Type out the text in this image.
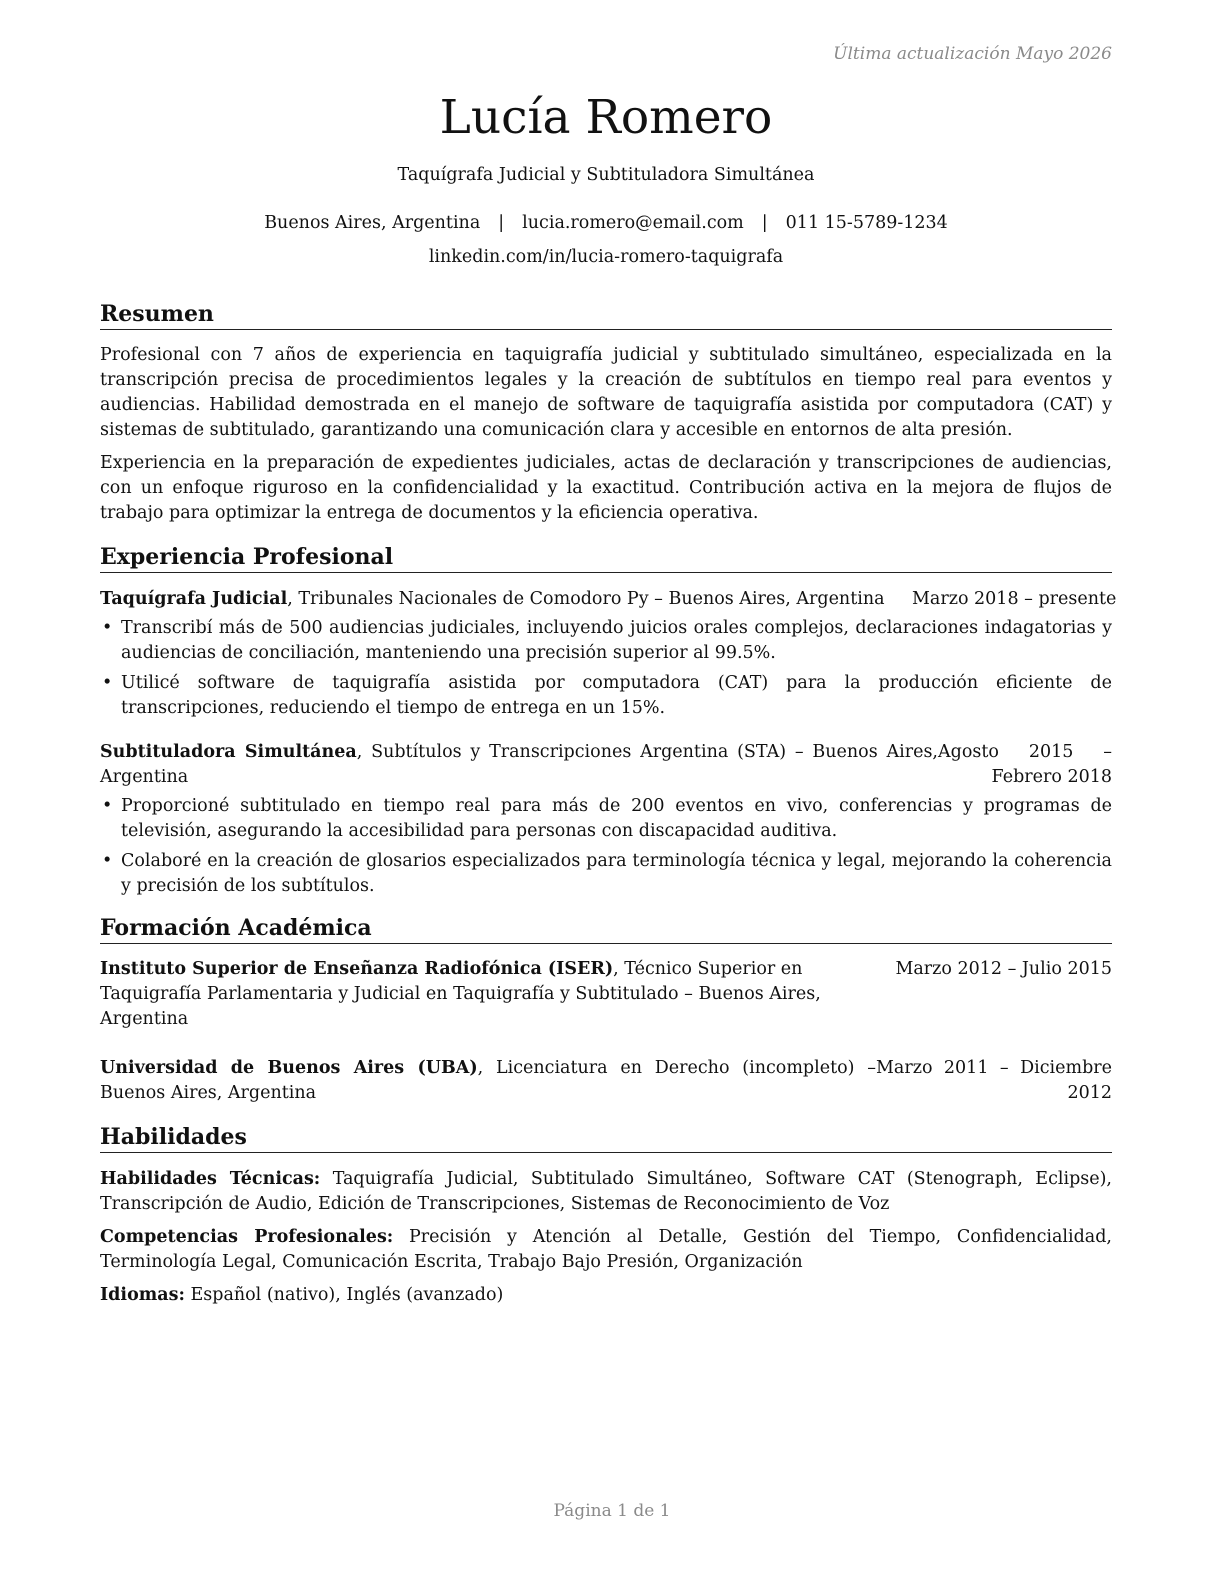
Última actualización Mayo 2026
Lucía Romero
Taquígrafa Judicial y Subtituladora Simultánea
Buenos Aires, Argentina | lucia.romero@email.com | 011 15-5789-1234
linkedin.com/in/lucia-romero-taquigrafa
Resumen

Profesional con 7 años de experiencia en taquigrafía judicial y subtitulado simultáneo, especializada en la transcripción precisa de procedimientos legales y la creación de subtítulos en tiempo real para eventos y audiencias. Habilidad demostrada en el manejo de software de taquigrafía asistida por computadora (CAT) y sistemas de subtitulado, garantizando una comunicación clara y accesible en entornos de alta presión.

Experiencia en la preparación de expedientes judiciales, actas de declaración y transcripciones de audiencias, con un enfoque riguroso en la confidencialidad y la exactitud. Contribución activa en la mejora de flujos de trabajo para optimizar la entrega de documentos y la eficiencia operativa.

Experiencia Profesional
Taquígrafa Judicial, Tribunales Nacionales de Comodoro Py – Buenos Aires, Argentina	Marzo 2018 – presente
• Transcribí más de 500 audiencias judiciales, incluyendo juicios orales complejos, declaraciones indagatorias y audiencias de conciliación, manteniendo una precisión superior al 99.5%.
• Utilicé software de taquigrafía asistida por computadora (CAT) para la producción eficiente de transcripciones, reduciendo el tiempo de entrega en un 15%.
Subtituladora Simultánea, Subtítulos y Transcripciones Argentina (STA) – Buenos Aires, Argentina
Agosto 2015 – Febrero 2018
• Proporcioné subtitulado en tiempo real para más de 200 eventos en vivo, conferencias y programas de televisión, asegurando la accesibilidad para personas con discapacidad auditiva.
• Colaboré en la creación de glosarios especializados para terminología técnica y legal, mejorando la coherencia y precisión de los subtítulos.
Formación Académica
Instituto Superior de Enseñanza Radiofónica (ISER), Técnico Superior en Taquigrafía Parlamentaria y Judicial en Taquigrafía y Subtitulado – Buenos Aires, Argentina
Marzo 2012 – Julio 2015
Universidad de Buenos Aires (UBA), Licenciatura en Derecho (incompleto) – Buenos Aires, Argentina
Marzo 2011 – Diciembre 2012
Habilidades

Habilidades Técnicas: Taquigrafía Judicial, Subtitulado Simultáneo, Software CAT (Stenograph, Eclipse), Transcripción de Audio, Edición de Transcripciones, Sistemas de Reconocimiento de Voz

Competencias Profesionales: Precisión y Atención al Detalle, Gestión del Tiempo, Confidencialidad, Terminología Legal, Comunicación Escrita, Trabajo Bajo Presión, Organización

Idiomas: Español (nativo), Inglés (avanzado)

Página 1 de 1
